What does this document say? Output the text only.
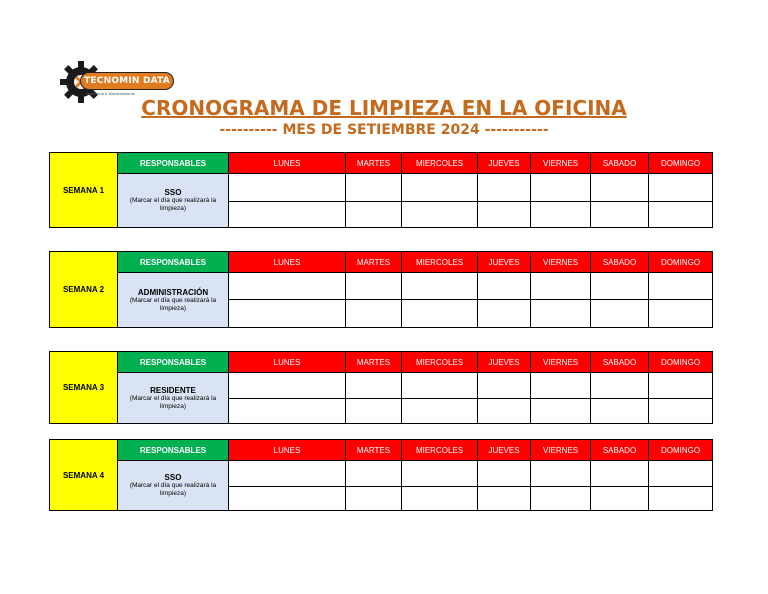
TECNOMIN DATA
Ingeniería & Mantenimiento
CRONOGRAMA DE LIMPIEZA EN LA OFICINA
---------- MES DE SETIEMBRE 2024 -----------
SEMANA 1	RESPONSABLES	LUNES	MARTES	MIERCOLES	JUEVES	VIERNES	SABADO	DOMINGO

	SSO
(Marcar el día que realizará la limpieza)							

SEMANA 2	RESPONSABLES	LUNES	MARTES	MIERCOLES	JUEVES	VIERNES	SABADO	DOMINGO

	ADMINISTRACIÓN
(Marcar el día que realizará la limpieza)							

SEMANA 3	RESPONSABLES	LUNES	MARTES	MIERCOLES	JUEVES	VIERNES	SABADO	DOMINGO

	RESIDENTE
(Marcar el día que realizará la limpieza)							

SEMANA 4	RESPONSABLES	LUNES	MARTES	MIERCOLES	JUEVES	VIERNES	SABADO	DOMINGO

	SSO
(Marcar el día que realizará la limpieza)							
